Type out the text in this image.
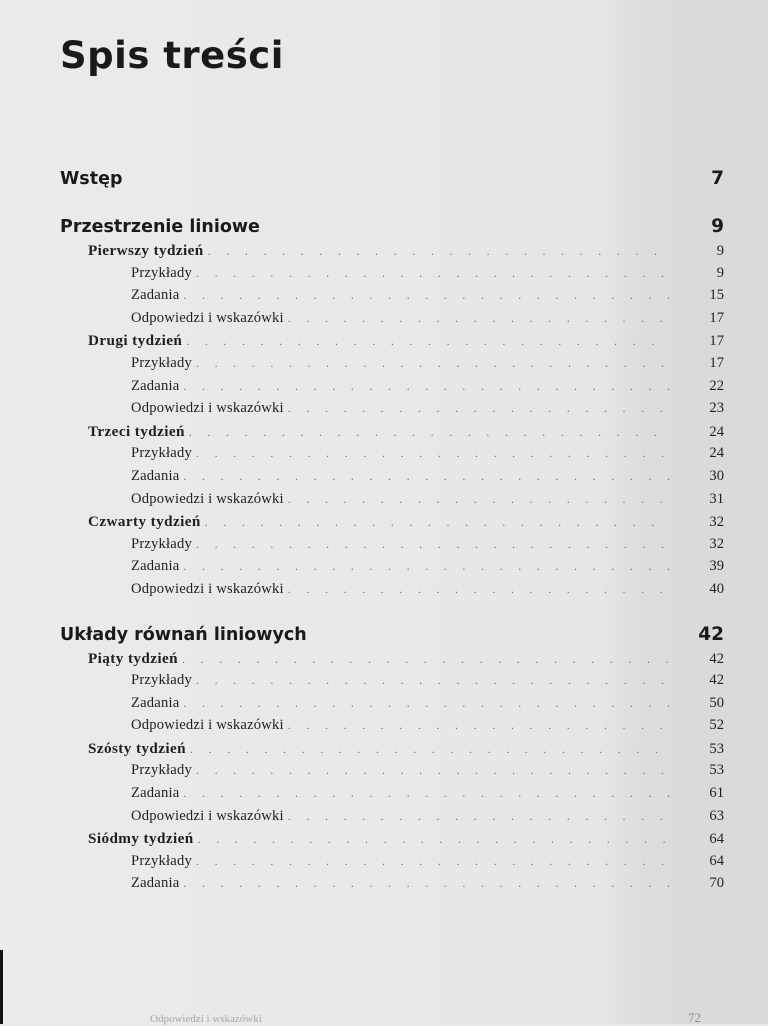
Spis treści
Wstęp	7
Przestrzenie liniowe	9
Pierwszy tydzień . . .	9
Przykłady . . .	9
Zadania . . .	15
Odpowiedzi i wskazówki . . .	17
Drugi tydzień . . .	17
Przykłady . . .	17
Zadania . . .	22
Odpowiedzi i wskazówki . . .	23
Trzeci tydzień . . .	24
Przykłady . . .	24
Zadania . . .	30
Odpowiedzi i wskazówki . . .	31
Czwarty tydzień . . .	32
Przykłady . . .	32
Zadania . . .	39
Odpowiedzi i wskazówki . . .	40
Układy równań liniowych	42
Piąty tydzień . . .	42
Przykłady . . .	42
Zadania . . .	50
Odpowiedzi i wskazówki . . .	52
Szósty tydzień . . .	53
Przykłady . . .	53
Zadania . . .	61
Odpowiedzi i wskazówki . . .	63
Siódmy tydzień . . .	64
Przykłady . . .	64
Zadania . . .	70
Odpowiedzi i wskazówki	72
